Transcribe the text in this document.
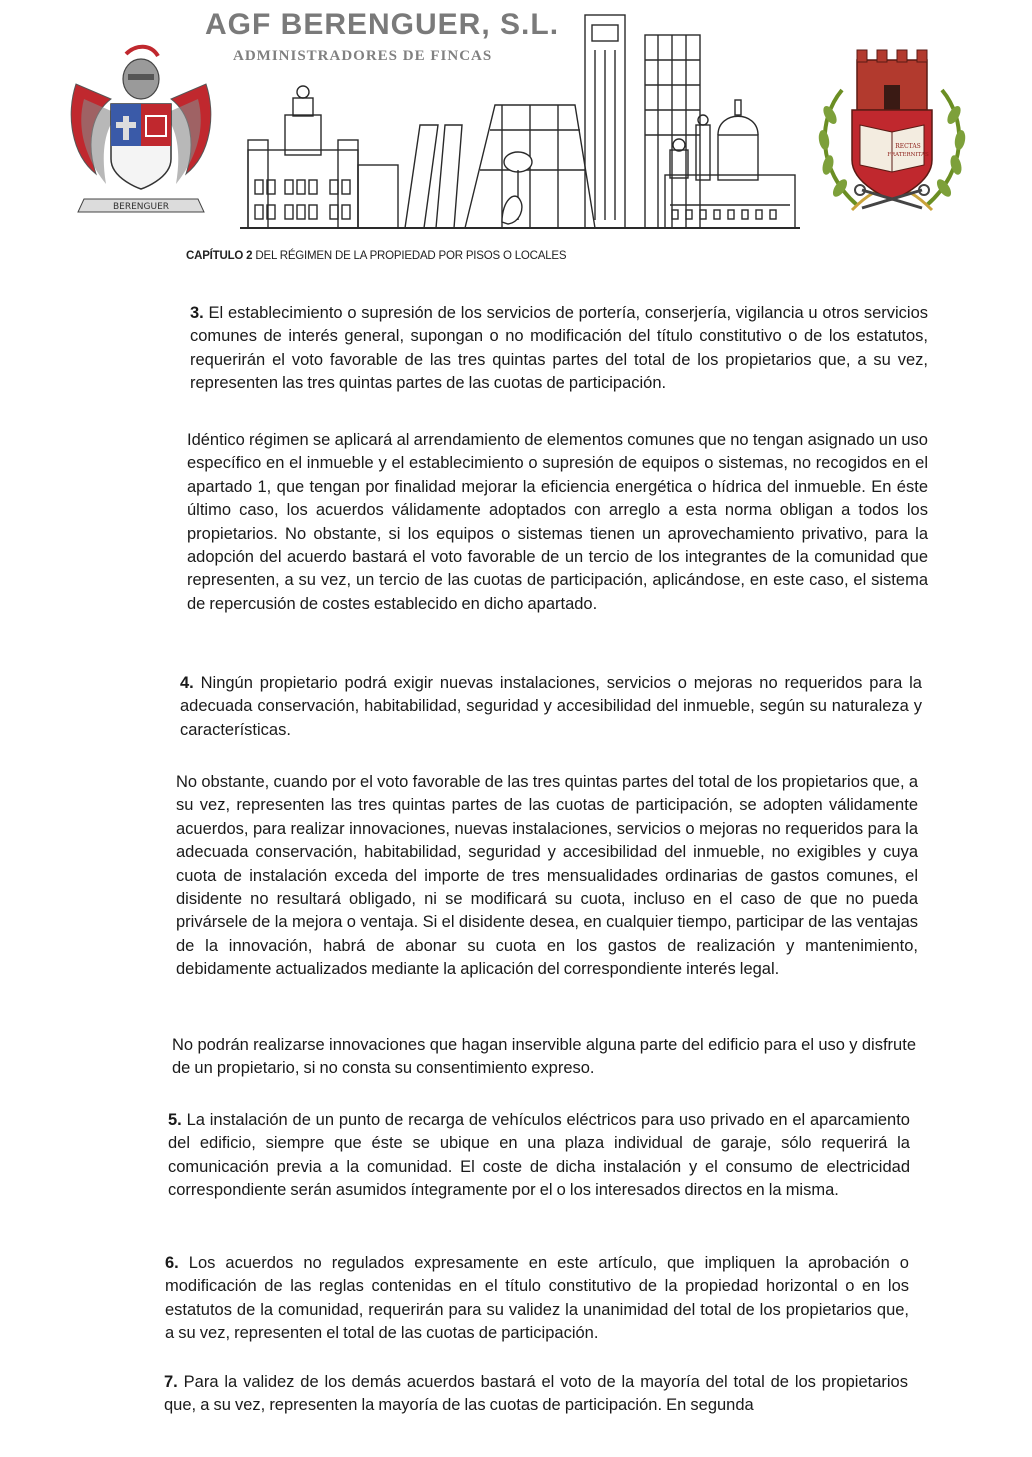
AGF BERENGUER, S.L.
ADMINISTRADORES DE FINCAS
BERENGUER
RECTAS
FRATERNITAS
CAPÍTULO 2 DEL RÉGIMEN DE LA PROPIEDAD POR PISOS O LOCALES

3. El establecimiento o supresión de los servicios de portería, conserjería, vigilancia u otros servicios comunes de interés general, supongan o no modificación del título constitutivo o de los estatutos, requerirán el voto favorable de las tres quintas partes del total de los propietarios que, a su vez, representen las tres quintas partes de las cuotas de participación.

Idéntico régimen se aplicará al arrendamiento de elementos comunes que no tengan asignado un uso específico en el inmueble y el establecimiento o supresión de equipos o sistemas, no recogidos en el apartado 1, que tengan por finalidad mejorar la eficiencia energética o hídrica del inmueble. En éste último caso, los acuerdos válidamente adoptados con arreglo a esta norma obligan a todos los propietarios. No obstante, si los equipos o sistemas tienen un aprovechamiento privativo, para la adopción del acuerdo bastará el voto favorable de un tercio de los integrantes de la comunidad que representen, a su vez, un tercio de las cuotas de participación, aplicándose, en este caso, el sistema de repercusión de costes establecido en dicho apartado.

4. Ningún propietario podrá exigir nuevas instalaciones, servicios o mejoras no requeridos para la adecuada conservación, habitabilidad, seguridad y accesibilidad del inmueble, según su naturaleza y características.

No obstante, cuando por el voto favorable de las tres quintas partes del total de los propietarios que, a su vez, representen las tres quintas partes de las cuotas de participación, se adopten válidamente acuerdos, para realizar innovaciones, nuevas instalaciones, servicios o mejoras no requeridos para la adecuada conservación, habitabilidad, seguridad y accesibilidad del inmueble, no exigibles y cuya cuota de instalación exceda del importe de tres mensualidades ordinarias de gastos comunes, el disidente no resultará obligado, ni se modificará su cuota, incluso en el caso de que no pueda privársele de la mejora o ventaja. Si el disidente desea, en cualquier tiempo, participar de las ventajas de la innovación, habrá de abonar su cuota en los gastos de realización y mantenimiento, debidamente actualizados mediante la aplicación del correspondiente interés legal.

No podrán realizarse innovaciones que hagan inservible alguna parte del edificio para el uso y disfrute de un propietario, si no consta su consentimiento expreso.

5. La instalación de un punto de recarga de vehículos eléctricos para uso privado en el aparcamiento del edificio, siempre que éste se ubique en una plaza individual de garaje, sólo requerirá la comunicación previa a la comunidad. El coste de dicha instalación y el consumo de electricidad correspondiente serán asumidos íntegramente por el o los interesados directos en la misma.

6. Los acuerdos no regulados expresamente en este artículo, que impliquen la aprobación o modificación de las reglas contenidas en el título constitutivo de la propiedad horizontal o en los estatutos de la comunidad, requerirán para su validez la unanimidad del total de los propietarios que, a su vez, representen el total de las cuotas de participación.

7. Para la validez de los demás acuerdos bastará el voto de la mayoría del total de los propietarios que, a su vez, representen la mayoría de las cuotas de participación. En segunda
